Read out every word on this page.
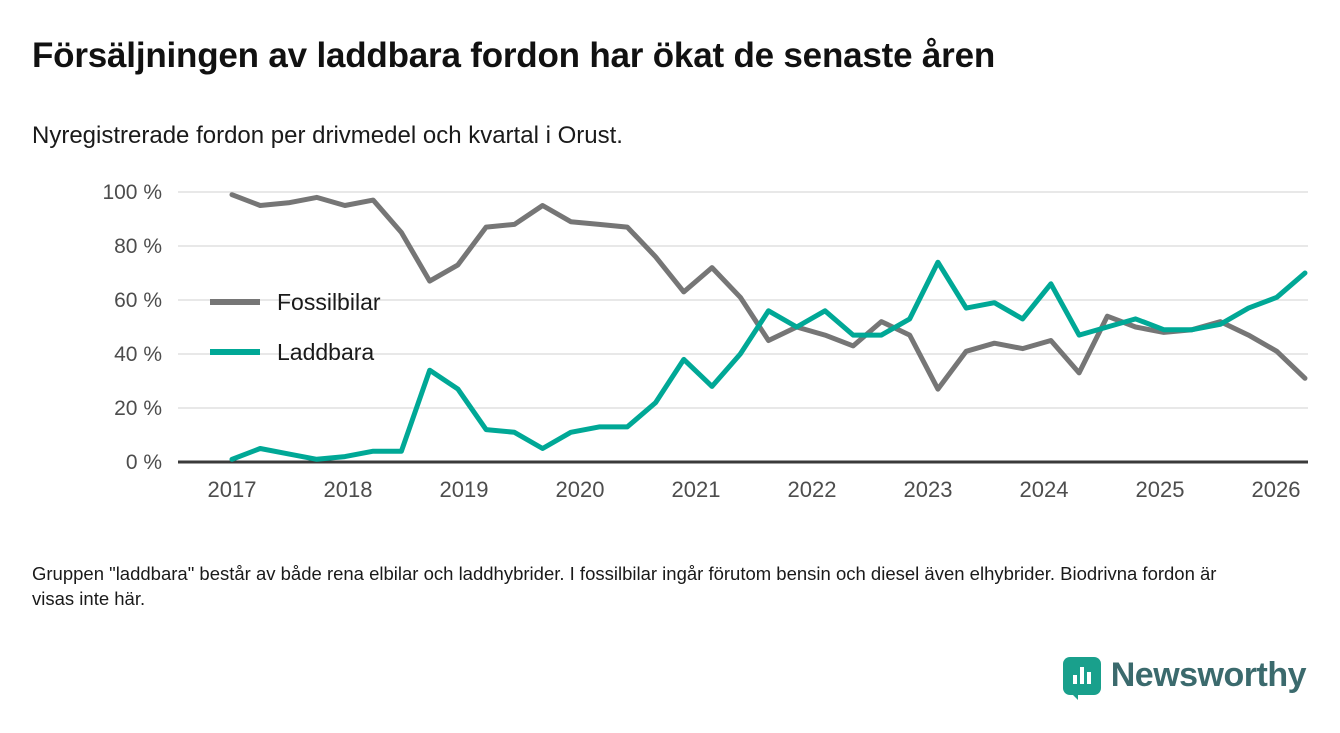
Försäljningen av laddbara fordon har ökat de senaste åren
Nyregistrerade fordon per drivmedel och kvartal i Orust.
100 %
80 %
60 %
40 %
20 %
0 %
Fossilbilar
Laddbara
2017	2018	2019	2020	2021	2022	2023	2024	2025	2026
Gruppen "laddbara" består av både rena elbilar och laddhybrider. I fossilbilar ingår förutom bensin och diesel även elhybrider. Biodrivna fordon är visas inte här.
Newsworthy
